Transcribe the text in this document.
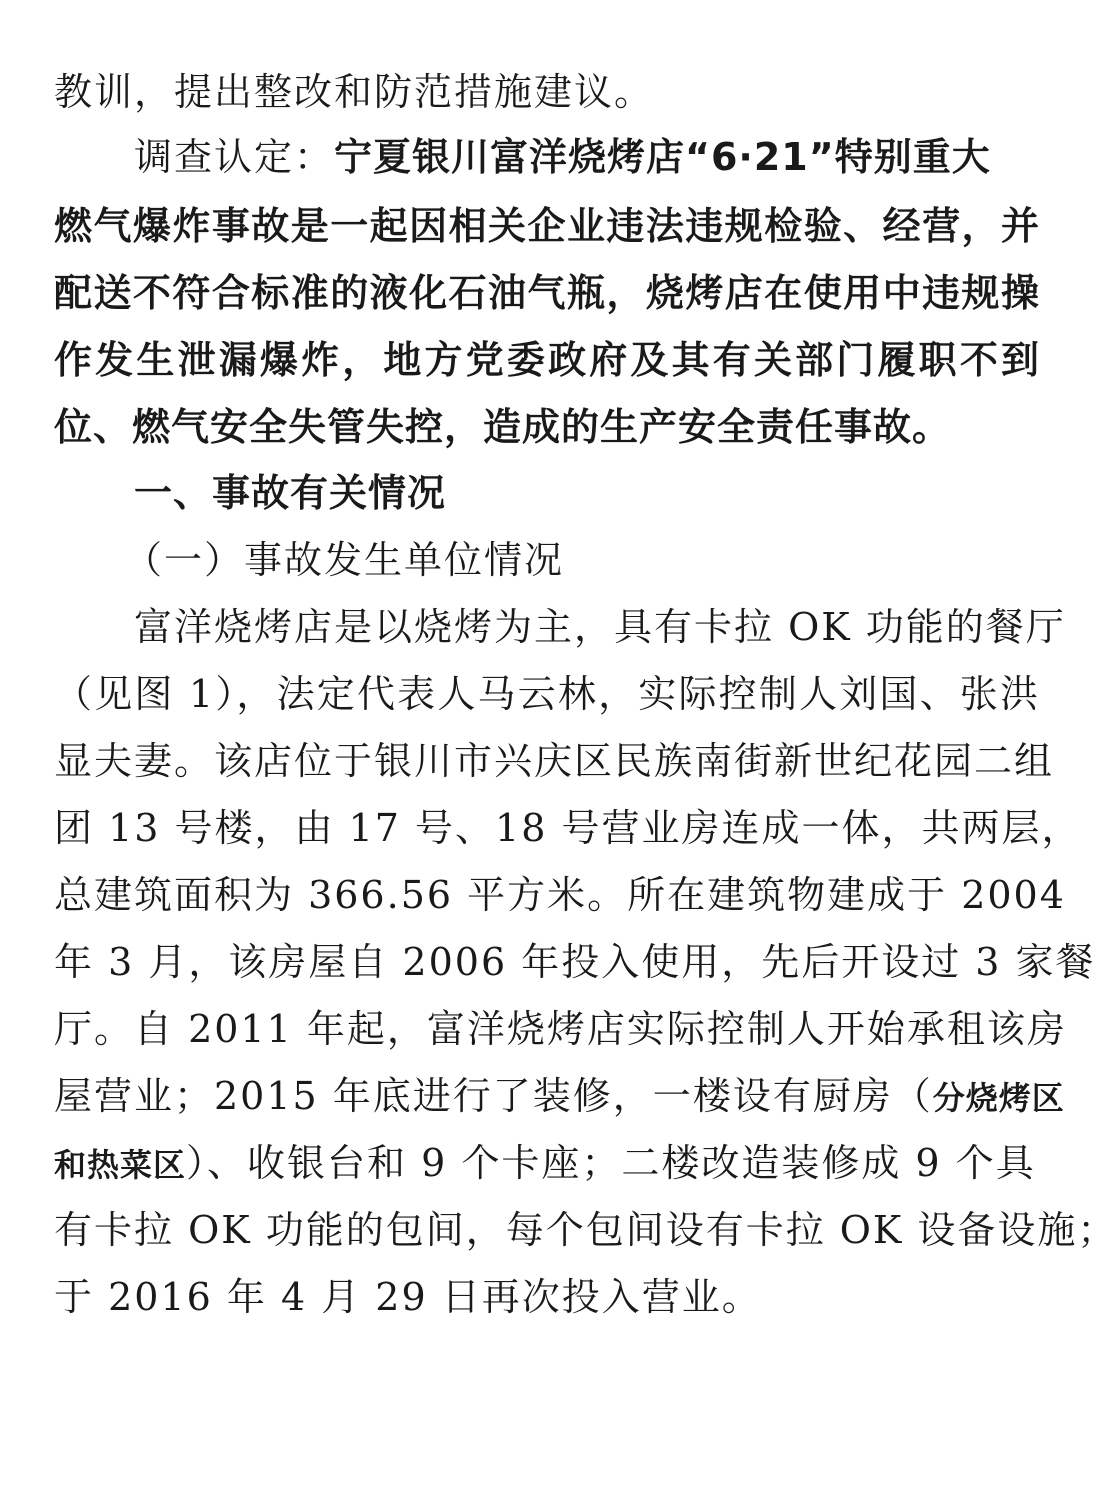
教训，提出整改和防范措施建议。
调查认定：宁夏银川富洋烧烤店“6·21”特别重大
燃气爆炸事故是一起因相关企业违法违规检验、经营，并
配送不符合标准的液化石油气瓶，烧烤店在使用中违规操
作发生泄漏爆炸，地方党委政府及其有关部门履职不到
位、燃气安全失管失控，造成的生产安全责任事故。
一、事故有关情况
（一）事故发生单位情况
富洋烧烤店是以烧烤为主，具有卡拉 OK 功能的餐厅
（见图 1），法定代表人马云林，实际控制人刘国、张洪
显夫妻。该店位于银川市兴庆区民族南街新世纪花园二组
团 13 号楼，由 17 号、18 号营业房连成一体，共两层，
总建筑面积为 366.56 平方米。所在建筑物建成于 2004
年 3 月，该房屋自 2006 年投入使用，先后开设过 3 家餐
厅。自 2011 年起，富洋烧烤店实际控制人开始承租该房
屋营业；2015 年底进行了装修，一楼设有厨房（分烧烤区
和热菜区）、收银台和 9 个卡座；二楼改造装修成 9 个具
有卡拉 OK 功能的包间，每个包间设有卡拉 OK 设备设施；
于 2016 年 4 月 29 日再次投入营业。
